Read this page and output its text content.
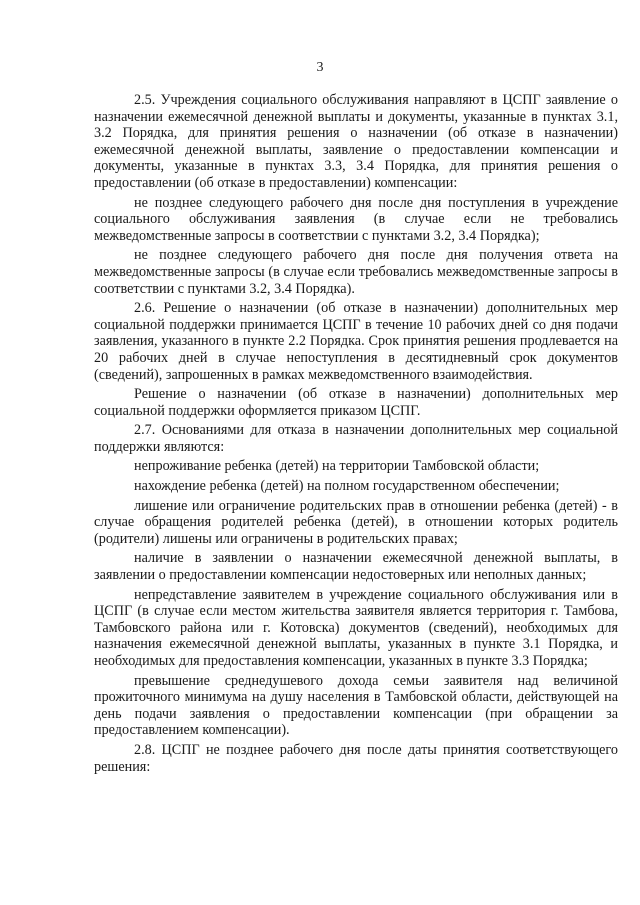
3

2.5. Учреждения социального обслуживания направляют в ЦСПГ заявление о назначении ежемесячной денежной выплаты и документы, указанные в пунктах 3.1, 3.2 Порядка, для принятия решения о назначении (об отказе в назначении) ежемесячной денежной выплаты, заявление о предоставлении компенсации и документы, указанные в пунктах 3.3, 3.4 Порядка, для принятия решения о предоставлении (об отказе в предоставлении) компенсации:

не позднее следующего рабочего дня после дня поступления в учреждение социального обслуживания заявления (в случае если не требовались межведомственные запросы в соответствии с пунктами 3.2, 3.4 Порядка);

не позднее следующего рабочего дня после дня получения ответа на межведомственные запросы (в случае если требовались межведомственные запросы в соответствии с пунктами 3.2, 3.4 Порядка).

2.6. Решение о назначении (об отказе в назначении) дополнительных мер социальной поддержки принимается ЦСПГ в течение 10 рабочих дней со дня подачи заявления, указанного в пункте 2.2 Порядка. Срок принятия решения продлевается на 20 рабочих дней в случае непоступления в десятидневный срок документов (сведений), запрошенных в рамках межведомственного взаимодействия.

Решение о назначении (об отказе в назначении) дополнительных мер социальной поддержки оформляется приказом ЦСПГ.

2.7. Основаниями для отказа в назначении дополнительных мер социальной поддержки являются:

непроживание ребенка (детей) на территории Тамбовской области;

нахождение ребенка (детей) на полном государственном обеспечении;

лишение или ограничение родительских прав в отношении ребенка (детей) - в случае обращения родителей ребенка (детей), в отношении которых родитель (родители) лишены или ограничены в родительских правах;

наличие в заявлении о назначении ежемесячной денежной выплаты, в заявлении о предоставлении компенсации недостоверных или неполных данных;

непредставление заявителем в учреждение социального обслуживания или в ЦСПГ (в случае если местом жительства заявителя является территория г. Тамбова, Тамбовского района или г. Котовска) документов (сведений), необходимых для назначения ежемесячной денежной выплаты, указанных в пункте 3.1 Порядка, и необходимых для предоставления компенсации, указанных в пункте 3.3 Порядка;

превышение среднедушевого дохода семьи заявителя над величиной прожиточного минимума на душу населения в Тамбовской области, действующей на день подачи заявления о предоставлении компенсации (при обращении за предоставлением компенсации).

2.8. ЦСПГ не позднее рабочего дня после даты принятия соответствующего решения:
